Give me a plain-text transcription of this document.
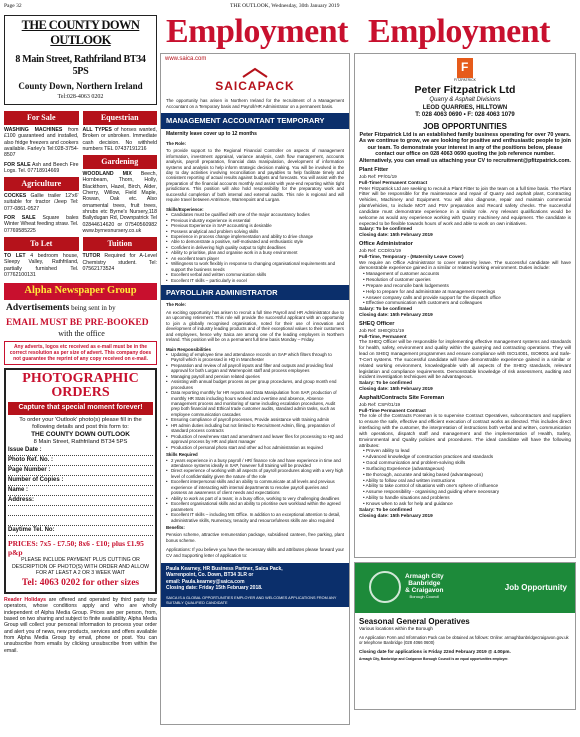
Page 32	THE OUTLOOK, Wednesday, 30th January 2019
THE COUNTY DOWN OUTLOOK
8 Main Street, Rathfriland BT34 5PS
County Down, Northern Ireland
Tel:028-4063 0202
For Sale

WASHING MACHINES from £100 guaranteed and installed, also fridge freezers and cookers available. Farley's Tel:028-3754-8507

FOR SALE Ash and Beech Fire Logs. Tel. 07718914669

Agriculture

COCKES Gallie trailer 12'x6' suitable for tractor /Jeep Tel: 077-0861-0527

FOR SALE Square bales Winter Wheat feeding straw. Tel. 07769585225

To Let

TO LET 4 bedroom house, Sleepy Valley, Rathfriland, partially furnished Tel. 07762100131

Equestrian

ALL TYPES of horses wanted, Broken or unbroken. Immediate cash decision. No withheld numbers TEL 07437191216

Gardening

WOODLAND MIX Beech, Hornbeam, Thorn, Holly, Blackthorn, Hazel, Birch, Alder, Cherry, Willow, Field Maple, Rowan, Oak etc. Also ornamental trees, fruit trees, shrubs etc Byrne's Nursery,118 Ballydugan Rd, Downpatrick Tel 02844614620 or 07540560982 www.byrnesnursery.co.uk

Tuition

TUTOR Required for A-Level Chemistry student. Tel: 07562173524

Alpha Newspaper Group
Advertisements being sent in by
EMAIL MUST BE PRE-BOOKED
with the office
Any adverts, logos etc received as e-mail must be in the correct resolution as per size of advert. This company does not guarantee the reprint of any copy received on e-mail.
PHOTOGRAPHIC
ORDERS
Capture that special moment forever!
To order your 'Outlook' photo(s) please fill in the following details and post this form to:
THE COUNTY DOWN OUTLOOK
8 Main Street, Rathfriland BT34 5PS
Issue Date :
Photo Ref. No. :
Page Number :
Number of Copies :
Name :
Address:
Daytime Tel. No:
PRICES: 7x5 - £7.50; 8x6 - £10; plus £1.95 p&p
PLEASE INCLUDE PAYMENT PLUS CUTTING OR DESCRIPTION OF PHOTO(S) WITH ORDER AND ALLOW FOR AT LEAST A 2 OR 3 WEEK WAIT
Tel: 4063 0202 for other sizes
Reader Holidays are offered and operated by third party tour operators, whose conditions apply and who are wholly independent of Alpha Media Group. Prices are per person, from, based on two sharing and subject to finite availability. Alpha Media Group will collect your personal information to process your order and alert you of news, new products, services and offers available from Alpha Media Group by email, phone or post. You can unsubscribe from emails by clicking unsubscribe from within the email.
Employment Employment
www.saica.com
SAICAPACK
The opportunity has arisen in Northern Ireland for the recruitment of a Management Accountant on a Temporary basis and Payroll/HR Administrator on a permanent basis.
MANAGEMENT ACCOUNTANT TEMPORARY
Maternity leave cover up to 12 months
The Role:
To provide support to the Regional Financial Controller on aspects of management information, investment appraisal, variance analysis, cash flow management, accounts analysis, payroll preparation, financial data manipulation, development of information systems and analysis to help inform strategic decision making. You will be involved in the day to day activities involving reconciliation and payables to help facilitate timely and consistent reporting of actual results against budgets and forecasts. You will assist with the preparation of the financial accounts monthly and assist with year-end reporting within tight jurisdictions. This position will also hold responsibility for the preparatory work and successful completion of both internal and external audits. This role is regional and will require travel between Antrimore, Warrenpoint and Lurgan.
Skills/Experience:
• Candidates must be qualified with one of the major accountancy bodies
• Previous industry experience is essential
• Previous Experience in SAP accounting is desirable
• Possess analytical and problem solving skills
• Experience in process change implementation and ability to drive change
• Able to demonstrate a positive, self-motivated and enthusiastic style
• Confident in delivering high quality output to tight deadlines
• Ability to prioritise, plan and organise work in a busy environment
• An excellent team player
• Willingness to work flexibly in response to changing organisational requirements and support the business needs
• Excellent verbal and written communication skills
• Excellent IT skills – particularly in excel
PAYROLL/HR ADMINISTRATOR
The Role:
An exciting opportunity has arisen to recruit a full time Payroll and HR Administrator due to an upcoming retirement. This role will provide the successful applicant with an opportunity to join a globally recognised organisation, noted for their use of innovation and development of industry leading products and of their exceptional values to their customers and employees, hence why Saica are among one of the leading employers in Northern Ireland. This position will be on a permanent full time basis Monday – Friday.
Main Responsibilities
• Updating of employee time and attendance records on SAP which filters through to Payroll which is processed in HQ in Manchester
• Preparation and review of all payroll inputs and filter and outputs and providing final approval for both Lurgan and Warrenpoint staff and process employees
• Managing payroll and pension related queries
• Assisting with annual budget process as per group procedures, and group month end procedures
• Data reporting monthly for HR reports and Data Manipulation from SAP, production of monthly HR Stats including hours worked and overtime and absence, Absence management process and monitoring of same including escalation procedures, Audit prep both financial and Ethical trade customer audits, standard admin tasks, such as employee communication cascades
• Ensuring compliance of payroll processes, Provide assistance with training admin
• HR admin duties including but not limited to Recruitment Admin, filing, preparation of standard process contracts
• Production of new/renew start and amendment and leaver files for processing to HQ and approval process by HR and plant manager
• Production of personal photo start and other ad hoc administration as required
Skills Required
• 2 years experience in a busy payroll / HR/ finance role and have experience in time and attendance systems ideally in SAP, however full training will be provided
• Direct experience of working with all aspects of payroll procedures along with a very high level of confidentiality given the nature of the role
• Excellent interpersonal skills and an ability to communicate at all levels and previous experience of interacting with internal departments to resolve payroll queries and possess an awareness of client needs and expectations
• Ability to work as part of a team; in a busy office, working to very challenging deadlines
• Excellent organisational skills and an ability to prioritise own workload within the agreed parameters
• Excellent IT skills – including MS Office. In addition to an exceptional attention to detail, administrative skills, Numeracy, tenacity and resourcefulness skills are also required
Benefits:
Pension scheme, attractive remuneration package, subsidised canteen, free parking, plant bonus scheme.
Applications: If you believe you have the necessary skills and attributes please forward your CV and Supporting letter of application to:
Paula Kearney, HR Business Partner, Saica Pack,
Warrenpoint, Co. Down, BT34 3LR or
email: Paula.kearney@saica.com
Closing date: Friday 15th February 2018.
SAICA IS A GLOBAL OPPORTUNITIES EMPLOYER AND WELCOMES APPLICATIONS FROM ANY SUITABLY QUALIFIED CANDIDATE
F
FITZPATRICK
Peter Fitzpatrick Ltd
Quarry & Asphalt Divisions
LEOD QUARRIES, HILLTOWN
T: 028 4063 0690 • F: 028 4063 1079
JOB OPPORTUNITIES
Peter Fitzpatrick Ltd is an established family business operating for over 70 years. As we continue to grow, we are looking for positive and enthusiastic people to join our team. To demonstrate your interest in any of the positions below, please contact our office on 028 4063 0690 quoting the job reference number. Alternatively, you can email us attaching your CV to recruitment@pfitzpatrick.com.
Plant Fitter
Job Ref: PF/01/19
Full-Time/ Permanent Contract
Peter Fitzpatrick Ltd are seeking to recruit a Plant Fitter to join the team on a full time basis. The Plant Fitter will be responsible for the maintenance and repair of Quarry and asphalt plant, Contracting Vehicles, Machinery and Equipment. You will also diagnose, repair and maintain commercial plant/vehicles, to include MOT and PSV preparation and Record safety checks. The successful candidate must demonstrate experience in a similar role. Any relevant qualifications would be welcome as would any experience working with Quarry machinery and equipment. The candidate is expected to be flexible towards hours of work and able to work on own initiatives.
Salary: To be confirmed
Closing date: 15th February 2019
Office Administrator
Job Ref: CCD/01/19
Full-Time, Temporary - (Maternity Leave Cover)
We require an Office Administrator to cover maternity leave. The successful candidate will have demonstrable experience gained in a similar or related working environment. Duties include:
• Management of customer accounts
• Resolution of customer queries
• Prepare and reconcile bank lodgements
• Help to prepare for and administrate at management meetings
• Answer company calls and provide support for the dispatch office
• Effective communication with customers and colleagues
Salary: To be confirmed
Closing date: 15th February 2019
SHEQ Officer
Job Ref: SHEQ/01/19
Full-Time, Permanent
The SHEQ Officer will be responsible for implementing effective management systems and standards for health, safety, environment and quality within the quarrying and contracting operations. They will lead on SHEQ management programmes and ensure compliance with ISO14001, ISO9001 and Safe-T-Cert systems. The successful candidate will have demonstrable experience gained in a similar or related working environment, knowledgeable with all aspects of the SHEQ standards, relevant legislation and compliance requirements. Demonstrable knowledge of risk assessment, auditing and incident investigation techniques will be advantageous.
Salary: To be confirmed
Closing date: 15th February 2019
Asphalt/Contracts Site Foreman
Job Ref: CSF/01/19
Full-Time Permanent Contract
The role of the Contracts Foreman is to supervise Contract Operatives, subcontractors and suppliers to ensure the safe, effective and efficient execution of contract works as directed. This includes direct interfacing with the customer, the interpretation of instructions both verbal and written, communication with operations, dispatch staff and management and the implementation of Health, Safety, Environmental and Quality policies and procedures. The ideal candidate will have the following attributes:
• Proven ability to lead
• Advanced knowledge of construction practices and standards
• Good communication and problem-solving skills
• Surfacing Experience (advantageous)
• Be thorough, accurate and taking based (advantageous)
• Ability to follow oral and written instructions
• Ability to take control of situations with one's sphere of influence
• Assume responsibility - organising and guiding where necessary
• Ability to handle situations and problems
• Knows when to ask for help and guidance
Salary: To be confirmed
Closing date: 15th February 2019
Armagh City
Banbridge
& Craigavon
Borough Council
Job Opportunity
Seasonal General Operatives
Various locations within the Borough
An Application Form and Information Pack can be obtained as follows: Online: armaghbanbridgecraigavon.gov.uk or telephone Banbridge (028 4066 0600)
Closing date for applications is Friday 22nd February 2019 @ 4.00pm.
Armagh City, Banbridge and Craigavon Borough Council is an equal opportunities employer.
